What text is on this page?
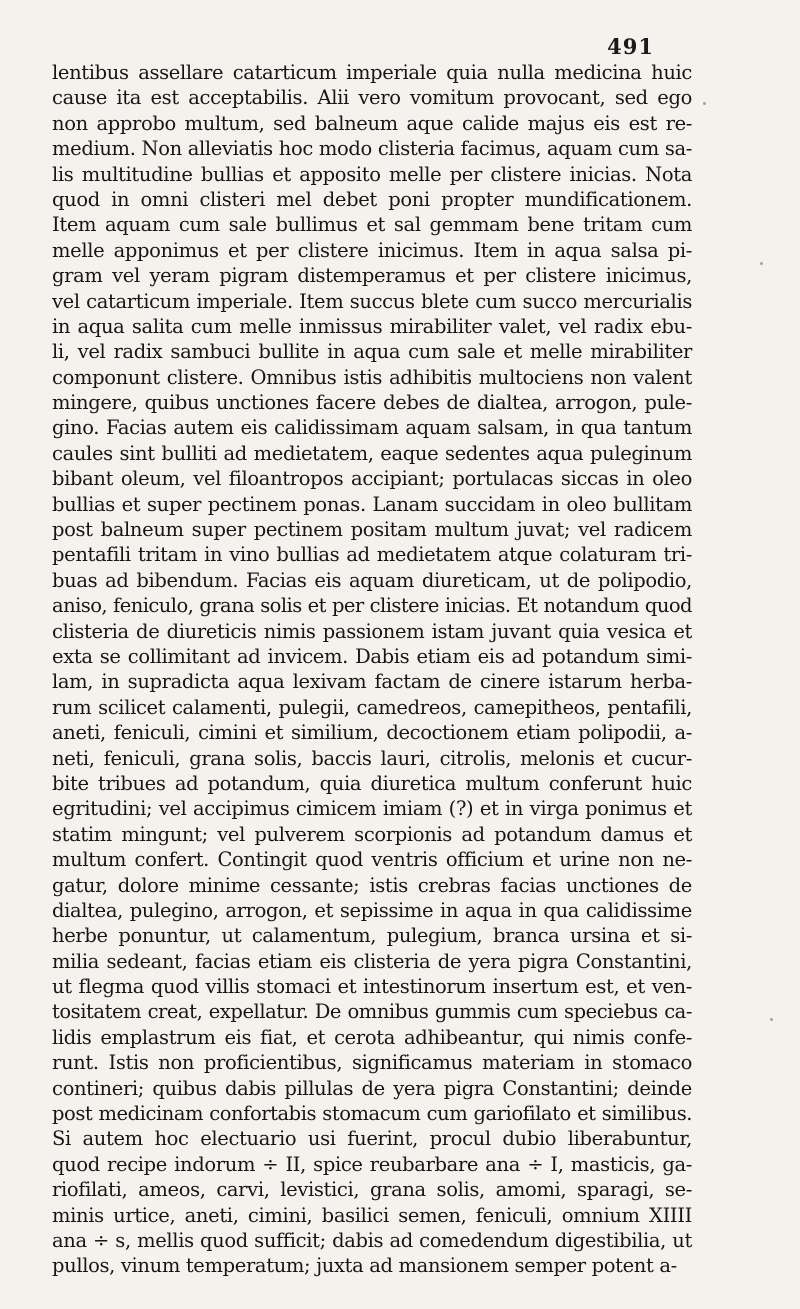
491
lentibus assellare catarticum imperiale quia nulla medicina huic
cause ita est acceptabilis. Alii vero vomitum provocant, sed ego
non approbo multum, sed balneum aque calide majus eis est re-
medium. Non alleviatis hoc modo clisteria facimus, aquam cum sa-
lis multitudine bullias et apposito melle per clistere inicias. Nota
quod in omni clisteri mel debet poni propter mundificationem.
Item aquam cum sale bullimus et sal gemmam bene tritam cum
melle apponimus et per clistere inicimus. Item in aqua salsa pi-
gram vel yeram pigram distemperamus et per clistere inicimus,
vel catarticum imperiale. Item succus blete cum succo mercurialis
in aqua salita cum melle inmissus mirabiliter valet, vel radix ebu-
li, vel radix sambuci bullite in aqua cum sale et melle mirabiliter
componunt clistere. Omnibus istis adhibitis multociens non valent
mingere, quibus unctiones facere debes de dialtea, arrogon, pule-
gino. Facias autem eis calidissimam aquam salsam, in qua tantum
caules sint bulliti ad medietatem, eaque sedentes aqua puleginum
bibant oleum, vel filoantropos accipiant; portulacas siccas in oleo
bullias et super pectinem ponas. Lanam succidam in oleo bullitam
post balneum super pectinem positam multum juvat; vel radicem
pentafili tritam in vino bullias ad medietatem atque colaturam tri-
buas ad bibendum. Facias eis aquam diureticam, ut de polipodio,
aniso, feniculo, grana solis et per clistere inicias. Et notandum quod
clisteria de diureticis nimis passionem istam juvant quia vesica et
exta se collimitant ad invicem. Dabis etiam eis ad potandum simi-
lam, in supradicta aqua lexivam factam de cinere istarum herba-
rum scilicet calamenti, pulegii, camedreos, camepitheos, pentafili,
aneti, feniculi, cimini et similium, decoctionem etiam polipodii, a-
neti, feniculi, grana solis, baccis lauri, citrolis, melonis et cucur-
bite tribues ad potandum, quia diuretica multum conferunt huic
egritudini; vel accipimus cimicem imiam (?) et in virga ponimus et
statim mingunt; vel pulverem scorpionis ad potandum damus et
multum confert. Contingit quod ventris officium et urine non ne-
gatur, dolore minime cessante; istis crebras facias unctiones de
dialtea, pulegino, arrogon, et sepissime in aqua in qua calidissime
herbe ponuntur, ut calamentum, pulegium, branca ursina et si-
milia sedeant, facias etiam eis clisteria de yera pigra Constantini,
ut flegma quod villis stomaci et intestinorum insertum est, et ven-
tositatem creat, expellatur. De omnibus gummis cum speciebus ca-
lidis emplastrum eis fiat, et cerota adhibeantur, qui nimis confe-
runt. Istis non proficientibus, significamus materiam in stomaco
contineri; quibus dabis pillulas de yera pigra Constantini; deinde
post medicinam confortabis stomacum cum gariofilato et similibus.
Si autem hoc electuario usi fuerint, procul dubio liberabuntur,
quod recipe indorum ÷ II, spice reubarbare ana ÷ I, masticis, ga-
riofilati, ameos, carvi, levistici, grana solis, amomi, sparagi, se-
minis urtice, aneti, cimini, basilici semen, feniculi, omnium XIIII
ana ÷ s, mellis quod sufficit; dabis ad comedendum digestibilia, ut
pullos, vinum temperatum; juxta ad mansionem semper potent a-
